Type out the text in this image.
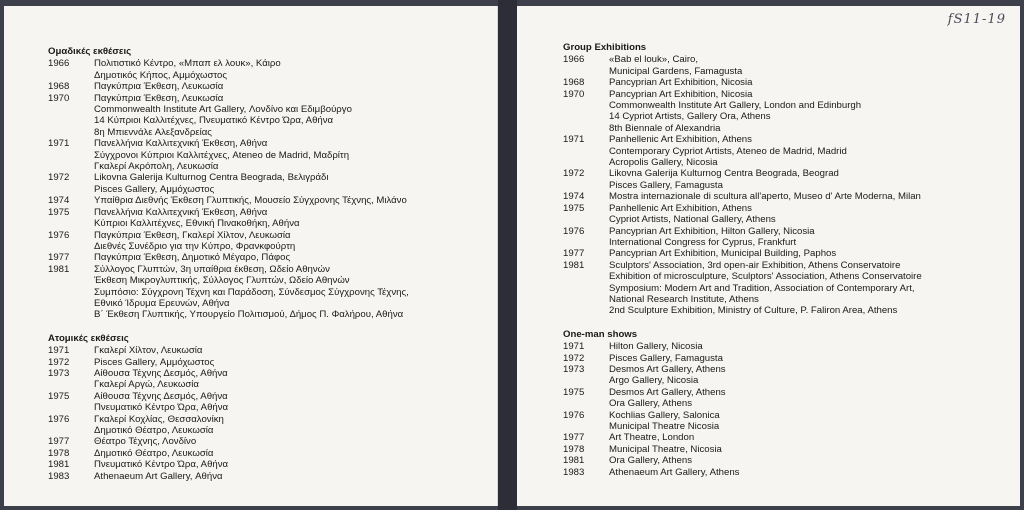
Ομαδικές εκθέσεις
1966	Πολιτιστικό Κέντρο, «Μπαπ ελ λουκ», Κάιρο
Δημοτικός Κήπος, Αμμόχωστος
1968	Παγκύπρια Έκθεση, Λευκωσία
1970	Παγκύπρια Έκθεση, Λευκωσία
Commonwealth Institute Art Gallery, Λονδίνο και Εδιμβούργο
14 Κύπριοι Καλλιτέχνες, Πνευματικό Κέντρο Ώρα, Αθήνα
8η Μπιεννάλε Αλεξανδρείας
1971	Πανελλήνια Καλλιτεχνική Έκθεση, Αθήνα
Σύγχρονοι Κύπριοι Καλλιτέχνες, Ateneo de Madrid, Μαδρίτη
Γκαλερί Ακρόπολη, Λευκωσία
1972	Likovna Galerija Kulturnog Centra Beograda, Βελιγράδι
Pisces Gallery, Αμμόχωστος
1974	Υπαίθρια Διεθνής Έκθεση Γλυπτικής, Μουσείο Σύγχρονης Τέχνης, Μιλάνο
1975	Πανελλήνια Καλλιτεχνική Έκθεση, Αθήνα
Κύπριοι Καλλιτέχνες, Εθνική Πινακοθήκη, Αθήνα
1976	Παγκύπρια Έκθεση, Γκαλερί Χίλτον, Λευκωσία
Διεθνές Συνέδριο για την Κύπρο, Φρανκφούρτη
1977	Παγκύπρια Έκθεση, Δημοτικό Μέγαρο, Πάφος
1981	Σύλλογος Γλυπτών, 3η υπαίθρια έκθεση, Ωδείο Αθηνών
Έκθεση Μικρογλυπτικής, Σύλλογος Γλυπτών, Ωδείο Αθηνών
Συμπόσιο: Σύγχρονη Τέχνη και Παράδοση, Σύνδεσμος Σύγχρονης Τέχνης,
Εθνικό Ίδρυμα Ερευνών, Αθήνα
Β΄ Έκθεση Γλυπτικής, Υπουργείο Πολιτισμού, Δήμος Π. Φαλήρου, Αθήνα
Ατομικές εκθέσεις
1971	Γκαλερί Χίλτον, Λευκωσία
1972	Pisces Gallery, Αμμόχωστος
1973	Αίθουσα Τέχνης Δεσμός, Αθήνα
Γκαλερί Αργώ, Λευκωσία
1975	Αίθουσα Τέχνης Δεσμός, Αθήνα
Πνευματικό Κέντρο Ώρα, Αθήνα
1976	Γκαλερί Κοχλίας, Θεσσαλονίκη
Δημοτικό Θέατρο, Λευκωσία
1977	Θέατρο Τέχνης, Λονδίνο
1978	Δημοτικό Θέατρο, Λευκωσία
1981	Πνευματικό Κέντρο Ώρα, Αθήνα
1983	Athenaeum Art Gallery, Αθήνα
fS11-19
Group Exhibitions
1966	«Bab el louk», Cairo,
Municipal Gardens, Famagusta
1968	Pancyprian Art Exhibition, Nicosia
1970	Pancyprian Art Exhibition, Nicosia
Commonwealth Institute Art Gallery, London and Edinburgh
14 Cypriot Artists, Gallery Ora, Athens
8th Biennale of Alexandria
1971	Panhellenic Art Exhibition, Athens
Contemporary Cypriot Artists, Ateneo de Madrid, Madrid
Acropolis Gallery, Nicosia
1972	Likovna Galerija Kulturnog Centra Beograda, Beograd
Pisces Gallery, Famagusta
1974	Mostra internazionale di scultura all'aperto, Museo d' Arte Moderna, Milan
1975	Panhellenic Art Exhibition, Athens
Cypriot Artists, National Gallery, Athens
1976	Pancyprian Art Exhibition, Hilton Gallery, Nicosia
International Congress for Cyprus, Frankfurt
1977	Pancyprian Art Exhibition, Municipal Building, Paphos
1981	Sculptors' Association, 3rd open-air Exhibition, Athens Conservatoire
Exhibition of microsculpture, Sculptors' Association, Athens Conservatoire
Symposium: Modern Art and Tradition, Association of Contemporary Art,
National Research Institute, Athens
2nd Sculpture Exhibition, Ministry of Culture, P. Faliron Area, Athens
One-man shows
1971	Hilton Gallery, Nicosia
1972	Pisces Gallery, Famagusta
1973	Desmos Art Gallery, Athens
Argo Gallery, Nicosia
1975	Desmos Art Gallery, Athens
Ora Gallery, Athens
1976	Kochlias Gallery, Salonica
Municipal Theatre Nicosia
1977	Art Theatre, London
1978	Municipal Theatre, Nicosia
1981	Ora Gallery, Athens
1983	Athenaeum Art Gallery, Athens
